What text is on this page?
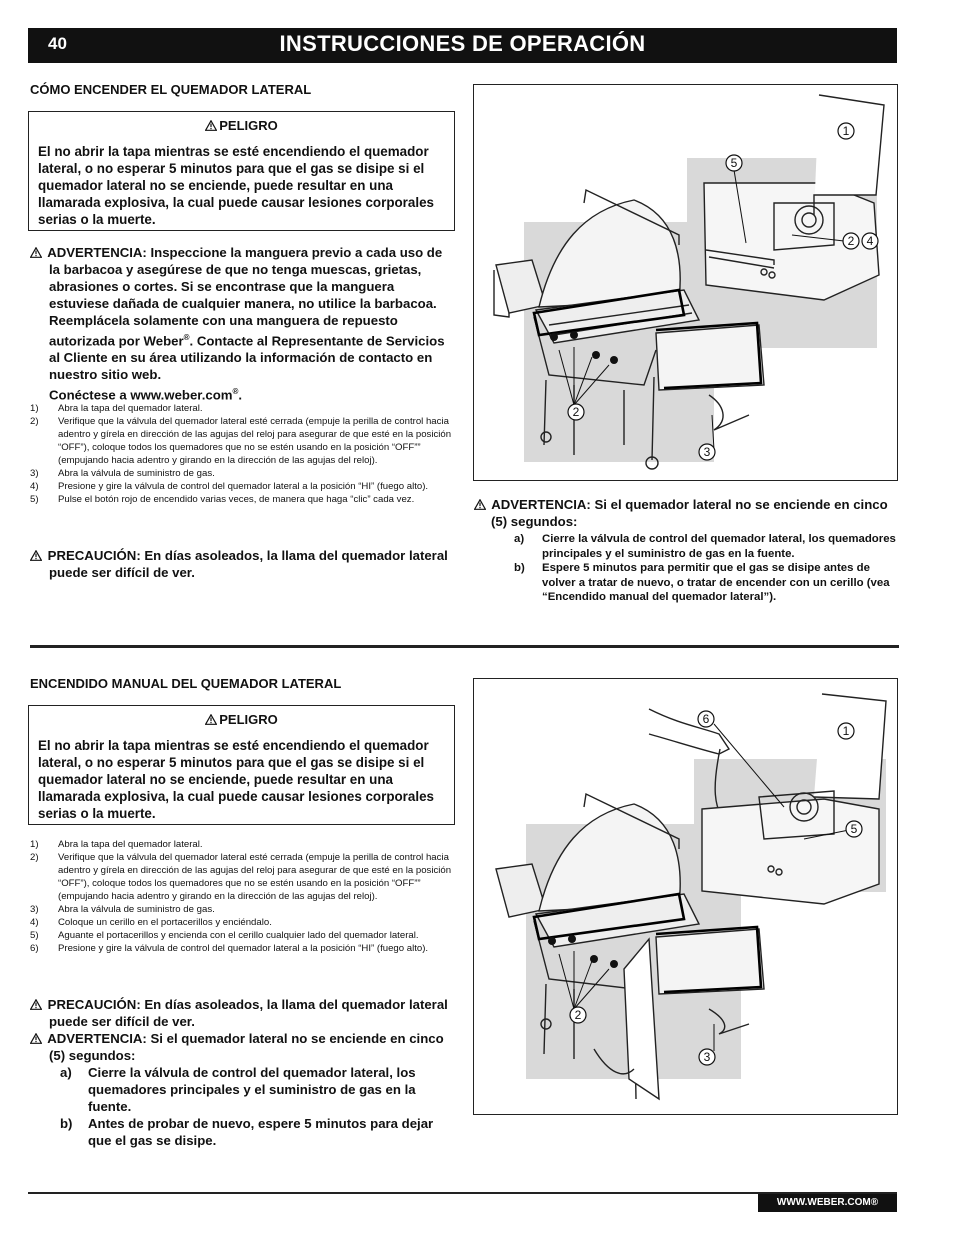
40	INSTRUCCIONES DE OPERACIÓN
CÓMO ENCENDER EL QUEMADOR LATERAL
PELIGRO

El no abrir la tapa mientras se esté encendiendo el quemador lateral, o no esperar 5 minutos para que el gas se disipe si el quemador lateral no se enciende, puede resultar en una llamarada explosiva, la cual puede causar lesiones corporales serias o la muerte.

ADVERTENCIA: Inspeccione la manguera previo a cada uso de la barbacoa y asegúrese de que no tenga muescas, grietas, abrasiones o cortes. Si se encontrase que la manguera estuviese dañada de cualquier manera, no utilice la barbacoa. Reemplácela solamente con una manguera de repuesto autorizada por Weber®. Contacte al Representante de Servicios al Cliente en su área utilizando la información de contacto en nuestro sitio web.
Conéctese a www.weber.com®.

1)	Abra la tapa del quemador lateral.
2)	Verifique que la válvula del quemador lateral esté cerrada (empuje la perilla de control hacia adentro y gírela en dirección de las agujas del reloj para asegurar de que esté en la posición “OFF”), coloque todos los quemadores que no se estén usando en la posición “OFF”” (empujando hacia adentro y girando en la dirección de las agujas del reloj).
3)	Abra la válvula de suministro de gas.
4)	Presione y gire la válvula de control del quemador lateral a la posición “HI” (fuego alto).
5)	Pulse el botón rojo de encendido varias veces, de manera que haga “clic” cada vez.

PRECAUCIÓN: En días asoleados, la llama del quemador lateral puede ser difícil de ver.

1
5
2 4
2
3

ADVERTENCIA: Si el quemador lateral no se enciende en cinco (5) segundos:

a)	Cierre la válvula de control del quemador lateral, los quemadores principales y el suministro de gas en la fuente.
b)	Espere 5 minutos para permitir que el gas se disipe antes de volver a tratar de nuevo, o tratar de encender con un cerillo (vea “Encendido manual del quemador lateral”).
ENCENDIDO MANUAL DEL QUEMADOR LATERAL
PELIGRO

El no abrir la tapa mientras se esté encendiendo el quemador lateral, o no esperar 5 minutos para que el gas se disipe si el quemador lateral no se enciende, puede resultar en una llamarada explosiva, la cual puede causar lesiones corporales serias o la muerte.

1)	Abra la tapa del quemador lateral.
2)	Verifique que la válvula del quemador lateral esté cerrada (empuje la perilla de control hacia adentro y gírela en dirección de las agujas del reloj para asegurar de que esté en la posición “OFF”), coloque todos los quemadores que no se estén usando en la posición “OFF”” (empujando hacia adentro y girando en la dirección de las agujas del reloj).
3)	Abra la válvula de suministro de gas.
4)	Coloque un cerillo en el portacerillos y enciéndalo.
5)	Aguante el portacerillos y encienda con el cerillo cualquier lado del quemador lateral.
6)	Presione y gire la válvula de control del quemador lateral a la posición “HI” (fuego alto).

PRECAUCIÓN: En días asoleados, la llama del quemador lateral puede ser difícil de ver.

ADVERTENCIA: Si el quemador lateral no se enciende en cinco (5) segundos:

a)	Cierre la válvula de control del quemador lateral, los quemadores principales y el suministro de gas en la fuente.
b)	Antes de probar de nuevo, espere 5 minutos para dejar que el gas se disipe.
6
1
5
2
3
WWW.WEBER.COM®
